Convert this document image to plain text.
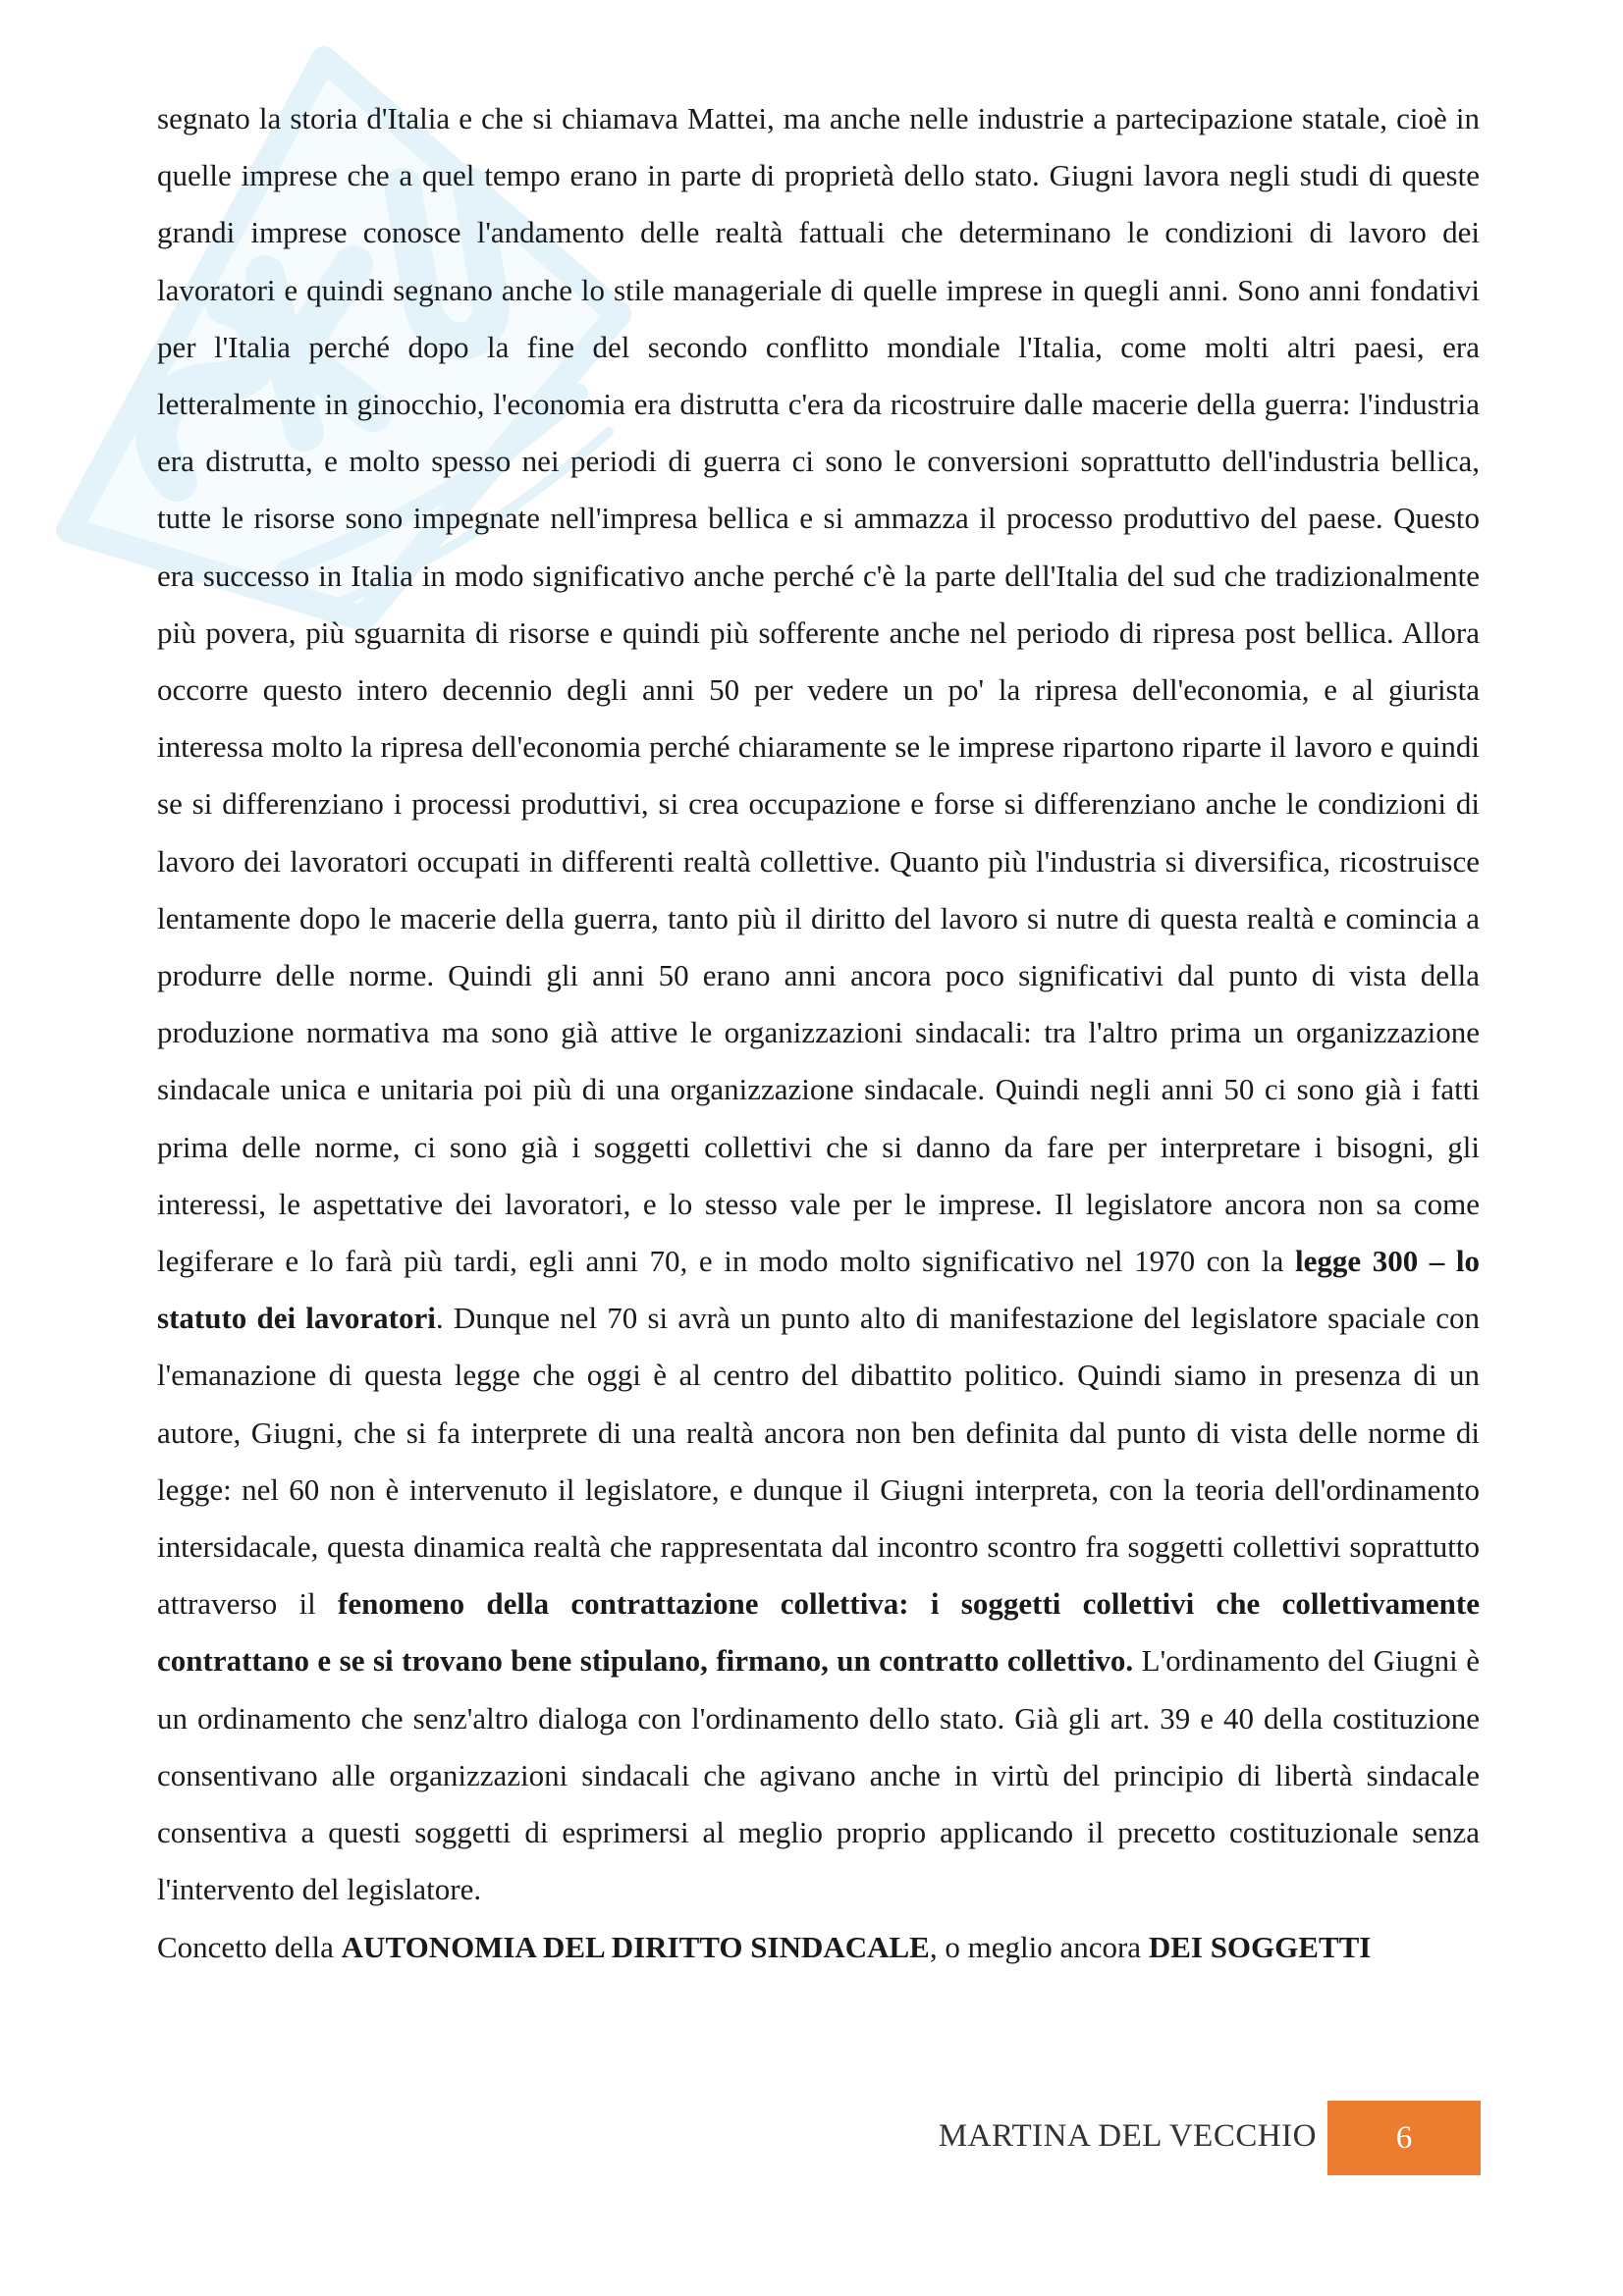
segnato la storia d'Italia e che si chiamava Mattei, ma anche nelle industrie a partecipazione statale, cioè in quelle imprese che a quel tempo erano in parte di proprietà dello stato. Giugni lavora negli studi di queste grandi imprese conosce l'andamento delle realtà fattuali che determinano le condizioni di lavoro dei lavoratori e quindi segnano anche lo stile manageriale di quelle imprese in quegli anni. Sono anni fondativi per l'Italia perché dopo la fine del secondo conflitto mondiale l'Italia, come molti altri paesi, era letteralmente in ginocchio, l'economia era distrutta c'era da ricostruire dalle macerie della guerra: l'industria era distrutta, e molto spesso nei periodi di guerra ci sono le conversioni soprattutto dell'industria bellica, tutte le risorse sono impegnate nell'impresa bellica e si ammazza il processo produttivo del paese. Questo era successo in Italia in modo significativo anche perché c'è la parte dell'Italia del sud che tradizionalmente più povera, più sguarnita di risorse e quindi più sofferente anche nel periodo di ripresa post bellica. Allora occorre questo intero decennio degli anni 50 per vedere un po' la ripresa dell'economia, e al giurista interessa molto la ripresa dell'economia perché chiaramente se le imprese ripartono riparte il lavoro e quindi se si differenziano i processi produttivi, si crea occupazione e forse si differenziano anche le condizioni di lavoro dei lavoratori occupati in differenti realtà collettive. Quanto più l'industria si diversifica, ricostruisce lentamente dopo le macerie della guerra, tanto più il diritto del lavoro si nutre di questa realtà e comincia a produrre delle norme. Quindi gli anni 50 erano anni ancora poco significativi dal punto di vista della produzione normativa ma sono già attive le organizzazioni sindacali: tra l'altro prima un organizzazione sindacale unica e unitaria poi più di una organizzazione sindacale. Quindi negli anni 50 ci sono già i fatti prima delle norme, ci sono già i soggetti collettivi che si danno da fare per interpretare i bisogni, gli interessi, le aspettative dei lavoratori, e lo stesso vale per le imprese. Il legislatore ancora non sa come legiferare e lo farà più tardi, egli anni 70, e in modo molto significativo nel 1970 con la legge 300 – lo statuto dei lavoratori. Dunque nel 70 si avrà un punto alto di manifestazione del legislatore spaciale con l'emanazione di questa legge che oggi è al centro del dibattito politico. Quindi siamo in presenza di un autore, Giugni, che si fa interprete di una realtà ancora non ben definita dal punto di vista delle norme di legge: nel 60 non è intervenuto il legislatore, e dunque il Giugni interpreta, con la teoria dell'ordinamento intersidacale, questa dinamica realtà che rappresentata dal incontro scontro fra soggetti collettivi soprattutto attraverso il fenomeno della contrattazione collettiva: i soggetti collettivi che collettivamente contrattano e se si trovano bene stipulano, firmano, un contratto collettivo. L'ordinamento del Giugni è un ordinamento che senz'altro dialoga con l'ordinamento dello stato. Già gli art. 39 e 40 della costituzione consentivano alle organizzazioni sindacali che agivano anche in virtù del principio di libertà sindacale consentiva a questi soggetti di esprimersi al meglio proprio applicando il precetto costituzionale senza l'intervento del legislatore.

Concetto della AUTONOMIA DEL DIRITTO SINDACALE, o meglio ancora DEI SOGGETTI

MARTINA DEL VECCHIO 6
